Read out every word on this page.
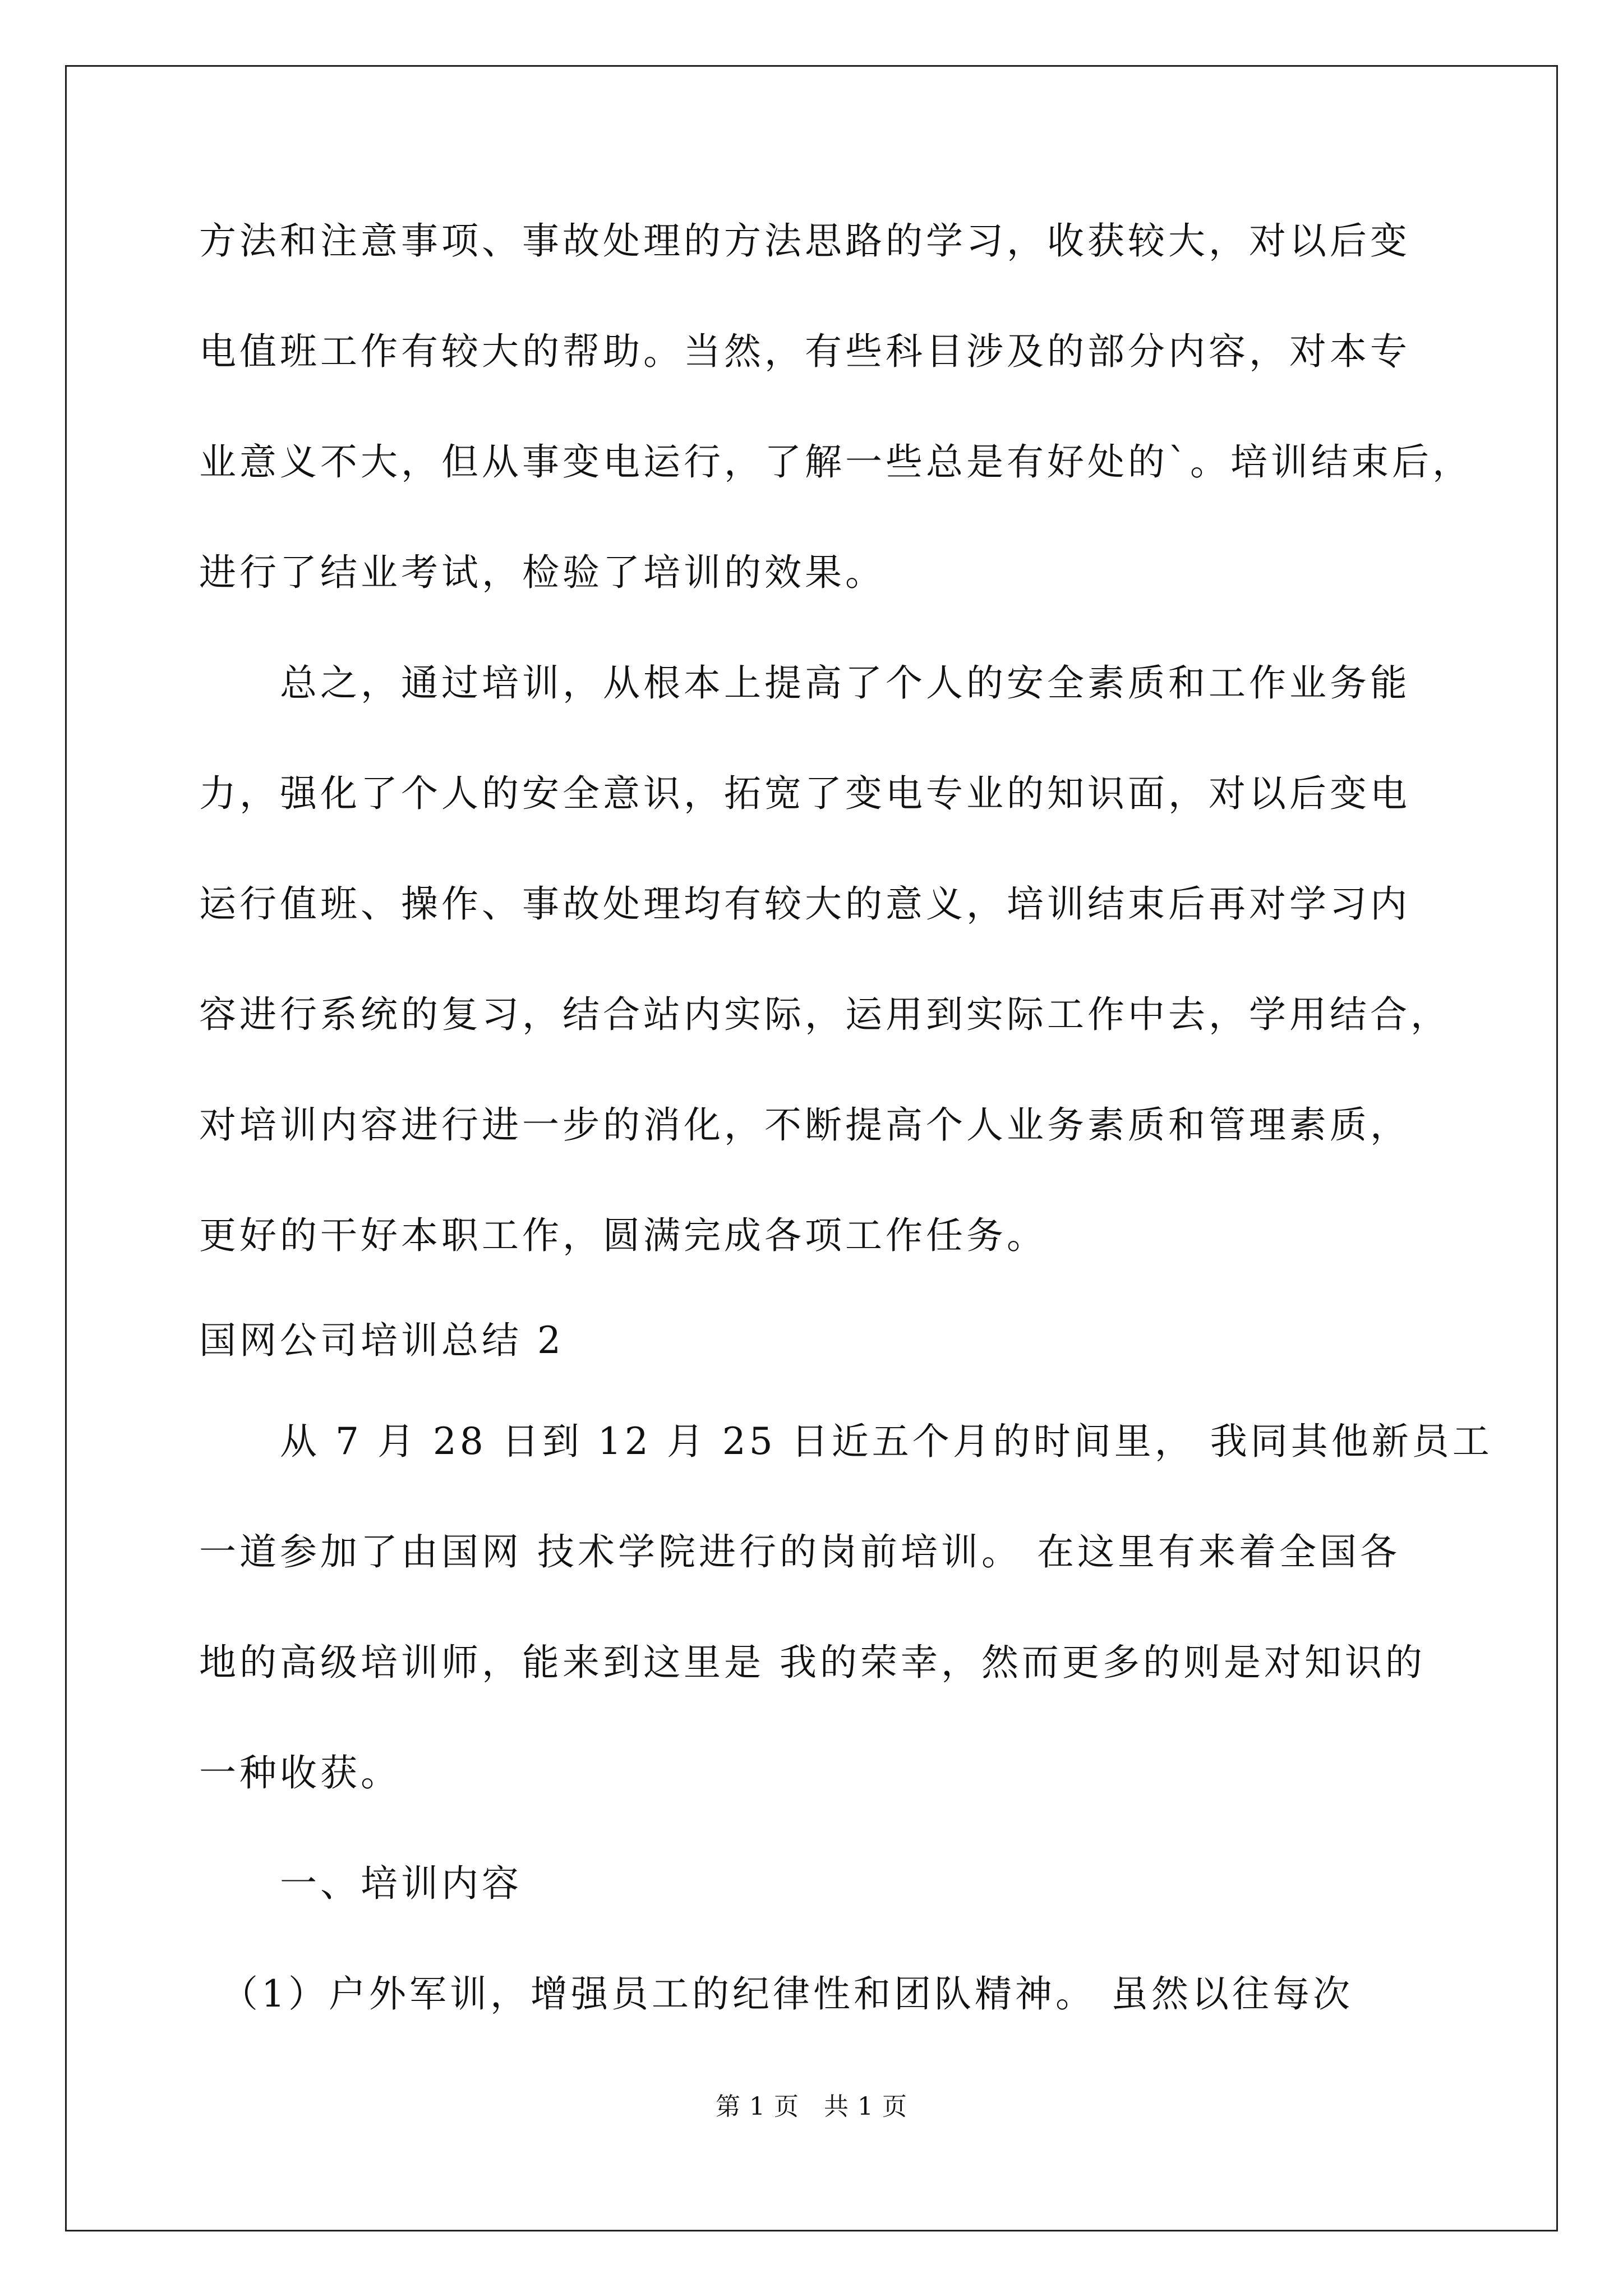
方法和注意事项、事故处理的方法思路的学习，收获较大，对以后变
电值班工作有较大的帮助。当然，有些科目涉及的部分内容，对本专
业意义不大，但从事变电运行，了解一些总是有好处的`。培训结束后，
进行了结业考试，检验了培训的效果。
　　总之，通过培训，从根本上提高了个人的安全素质和工作业务能
力，强化了个人的安全意识，拓宽了变电专业的知识面，对以后变电
运行值班、操作、事故处理均有较大的意义，培训结束后再对学习内
容进行系统的复习，结合站内实际，运用到实际工作中去，学用结合，
对培训内容进行进一步的消化，不断提高个人业务素质和管理素质，
更好的干好本职工作，圆满完成各项工作任务。
国网公司培训总结 2
　　从 7 月 28 日到 12 月 25 日近五个月的时间里， 我同其他新员工
一道参加了由国网 技术学院进行的岗前培训。 在这里有来着全国各
地的高级培训师，能来到这里是 我的荣幸，然而更多的则是对知识的
一种收获。
　　一、培训内容
　（1）户外军训，增强员工的纪律性和团队精神。 虽然以往每次
第 1 页 共 1 页
